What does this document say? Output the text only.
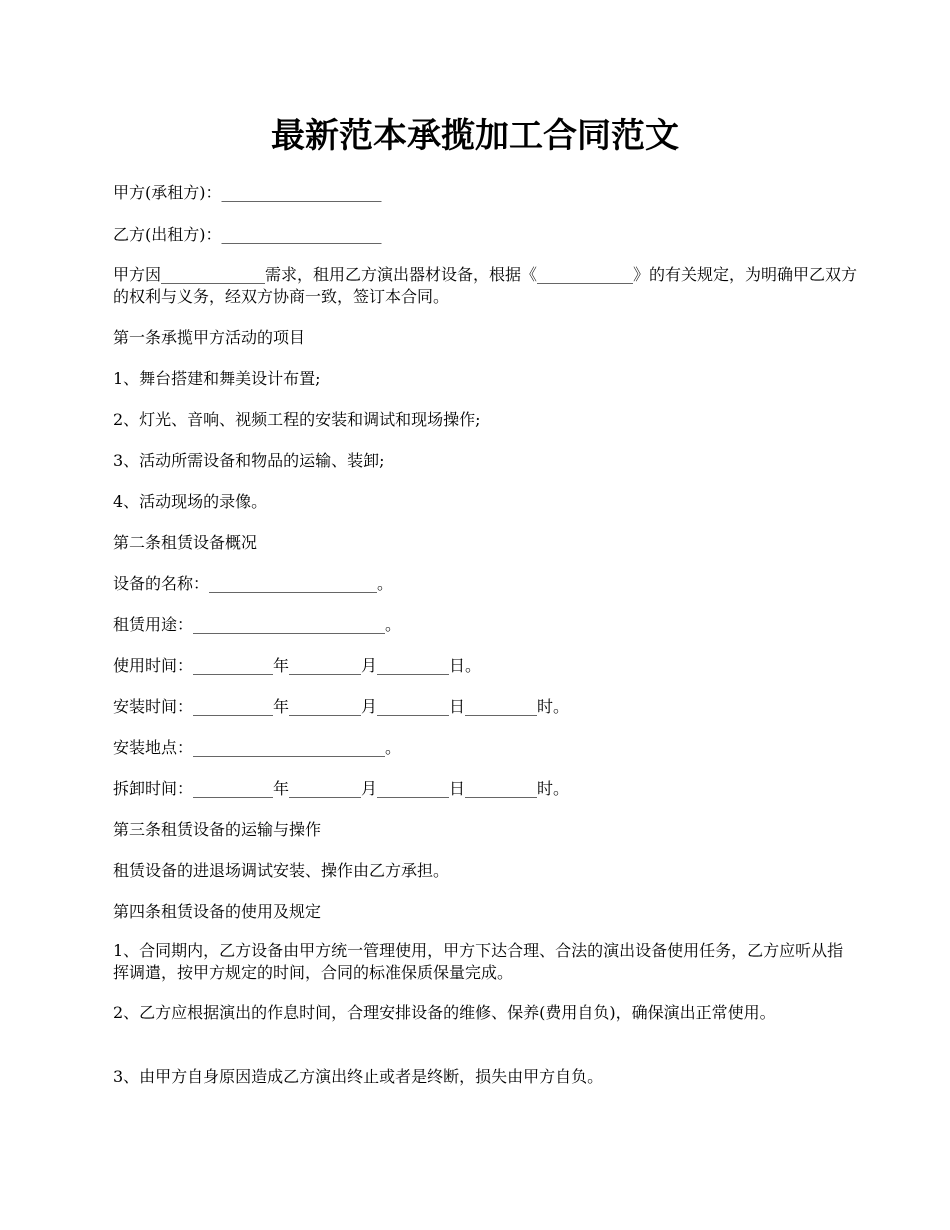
最新范本承揽加工合同范文

甲方(承租方)：____________________

乙方(出租方)：____________________

甲方因_____________需求，租用乙方演出器材设备，根据《____________》的有关规定，为明确甲乙双方的权利与义务，经双方协商一致，签订本合同。

第一条承揽甲方活动的项目

1、舞台搭建和舞美设计布置;

2、灯光、音响、视频工程的安装和调试和现场操作;

3、活动所需设备和物品的运输、装卸;

4、活动现场的录像。

第二条租赁设备概况

设备的名称：_____________________。

租赁用途：________________________。

使用时间：__________年_________月_________日。

安装时间：__________年_________月_________日_________时。

安装地点：________________________。

拆卸时间：__________年_________月_________日_________时。

第三条租赁设备的运输与操作

租赁设备的进退场调试安装、操作由乙方承担。

第四条租赁设备的使用及规定

1、合同期内，乙方设备由甲方统一管理使用，甲方下达合理、合法的演出设备使用任务，乙方应听从指挥调遣，按甲方规定的时间，合同的标准保质保量完成。

2、乙方应根据演出的作息时间，合理安排设备的维修、保养(费用自负)，确保演出正常使用。

3、由甲方自身原因造成乙方演出终止或者是终断，损失由甲方自负。
